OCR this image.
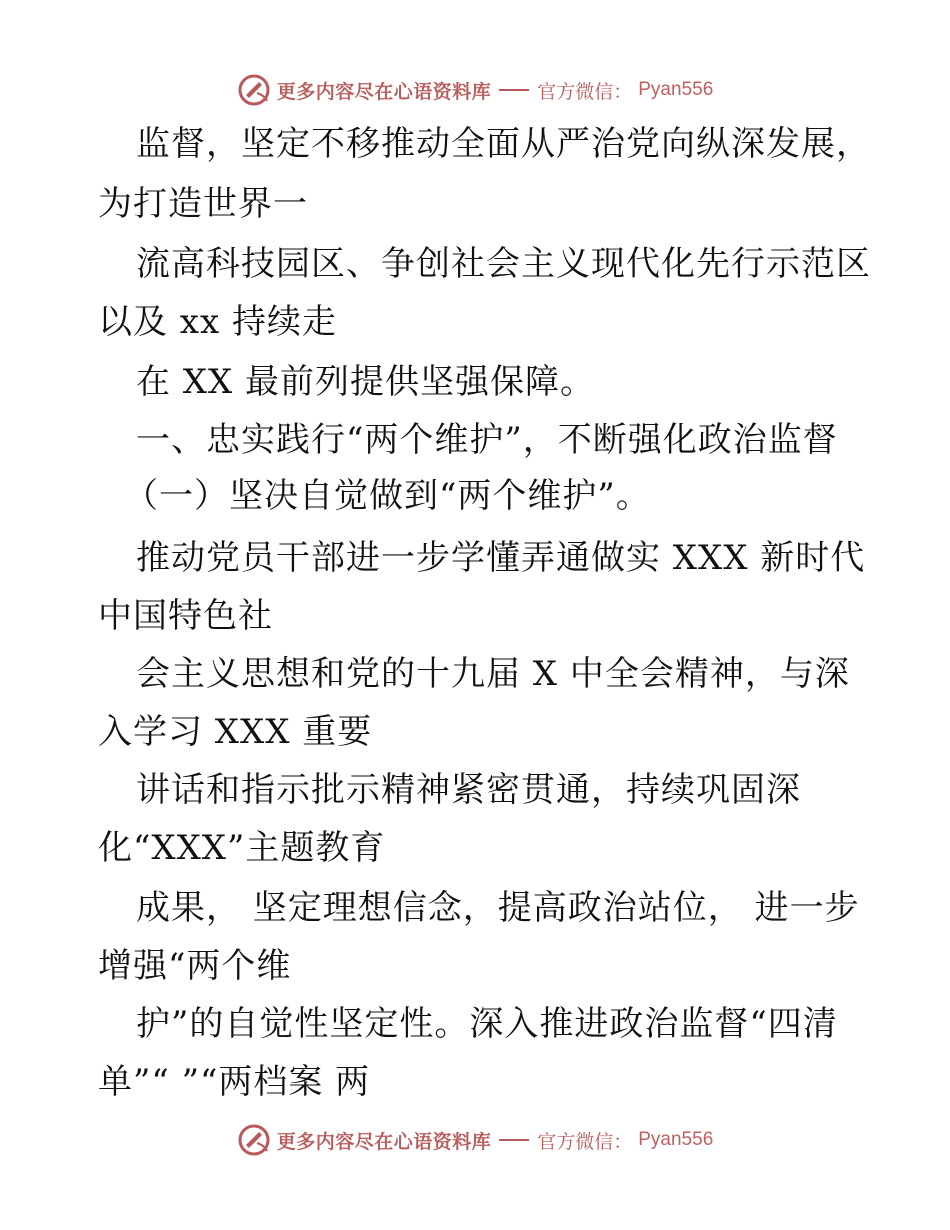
更多内容尽在心语资料库 官方微信： Pyan556
监督，坚定不移推动全面从严治党向纵深发展，
为打造世界一
流高科技园区、争创社会主义现代化先行示范区
以及 xx 持续走
在 XX 最前列提供坚强保障。
一、忠实践行“两个维护”，不断强化政治监督
（一）坚决自觉做到“两个维护”。
推动党员干部进一步学懂弄通做实 XXX 新时代
中国特色社
会主义思想和党的十九届 X 中全会精神，与深
入学习 XXX 重要
讲话和指示批示精神紧密贯通，持续巩固深
化“XXX”主题教育
成果， 坚定理想信念，提高政治站位， 进一步
增强“两个维
护”的自觉性坚定性。深入推进政治监督“四清
单”“ ”“两档案 两
更多内容尽在心语资料库 官方微信： Pyan556
